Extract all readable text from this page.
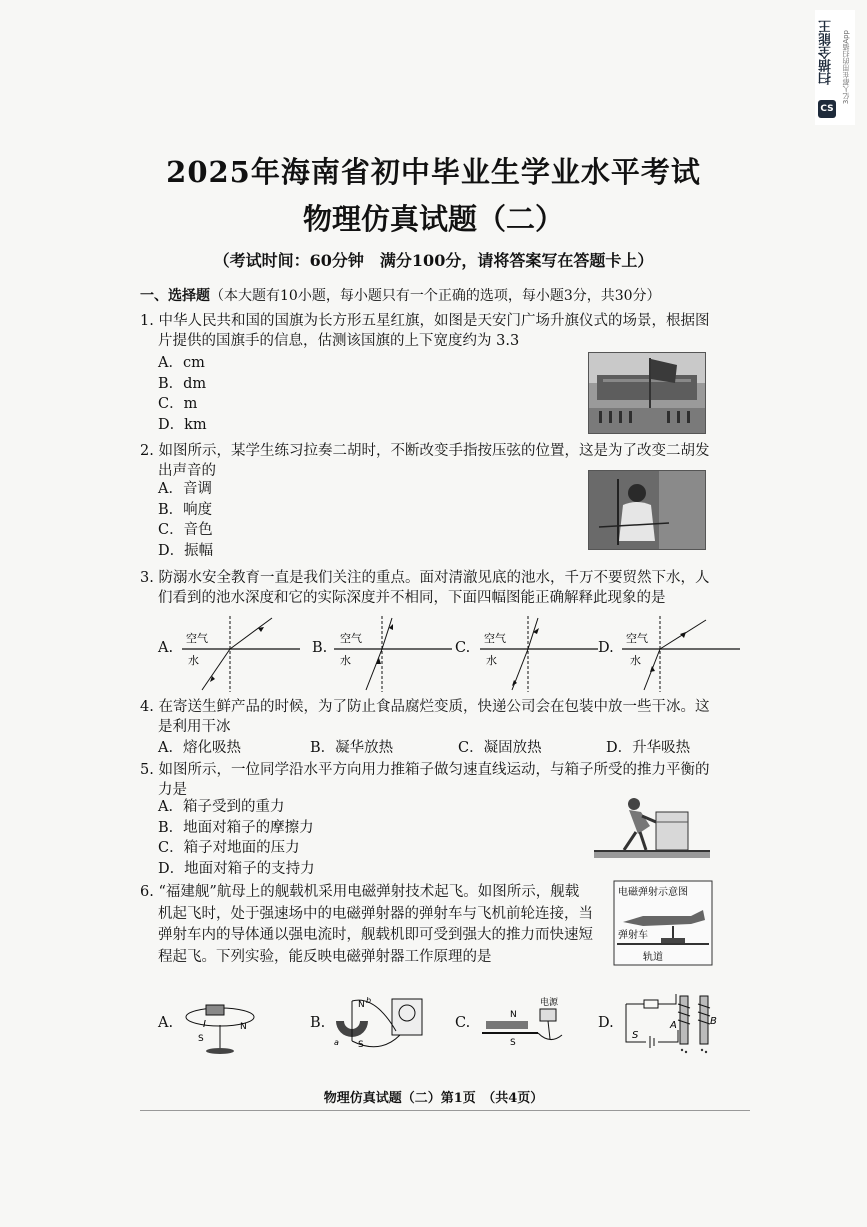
扫描全能王 3亿人都在用的扫描App
CS
2025年海南省初中毕业生学业水平考试
物理仿真试题（二）
（考试时间：60分钟　满分100分，请将答案写在答题卡上）
一、选择题（本大题有10小题，每小题只有一个正确的选项，每小题3分，共30分）
1. 中华人民共和国的国旗为长方形五星红旗，如图是天安门广场升旗仪式的场景，根据图
片提供的国旗手的信息，估测该国旗的上下宽度约为 3.3
A．cm
B．dm
C．m
D．km
2. 如图所示，某学生练习拉奏二胡时，不断改变手指按压弦的位置，这是为了改变二胡发
出声音的
A．音调
B．响度
C．音色
D．振幅
3. 防溺水安全教育一直是我们关注的重点。面对清澈见底的池水，千万不要贸然下水，人
们看到的池水深度和它的实际深度并不相同，下面四幅图能正确解释此现象的是
A.
空气
水
B.
空气
水
C.
空气
水
D.
空气
水
4. 在寄送生鲜产品的时候，为了防止食品腐烂变质，快递公司会在包装中放一些干冰。这
是利用干冰
A．熔化吸热	B．凝华放热	C．凝固放热	D．升华吸热
5. 如图所示，一位同学沿水平方向用力推箱子做匀速直线运动，与箱子所受的推力平衡的
力是
A．箱子受到的重力
B．地面对箱子的摩擦力
C．箱子对地面的压力
D．地面对箱子的支持力
6. “福建舰”航母上的舰载机采用电磁弹射技术起飞。如图所示，舰载
机起飞时，处于强速场中的电磁弹射器的弹射车与飞机前轮连接，当
弹射车内的导体通以强电流时，舰载机即可受到强大的推力而快速短
程起飞。下列实验，能反映电磁弹射器工作原理的是
电磁弹射示意图
弹射车
轨道
A.	I	N
S
B.
N
S
a
b
C.
电源
N
S
D.
S
A	B
物理仿真试题（二）第1页　（共4页）
